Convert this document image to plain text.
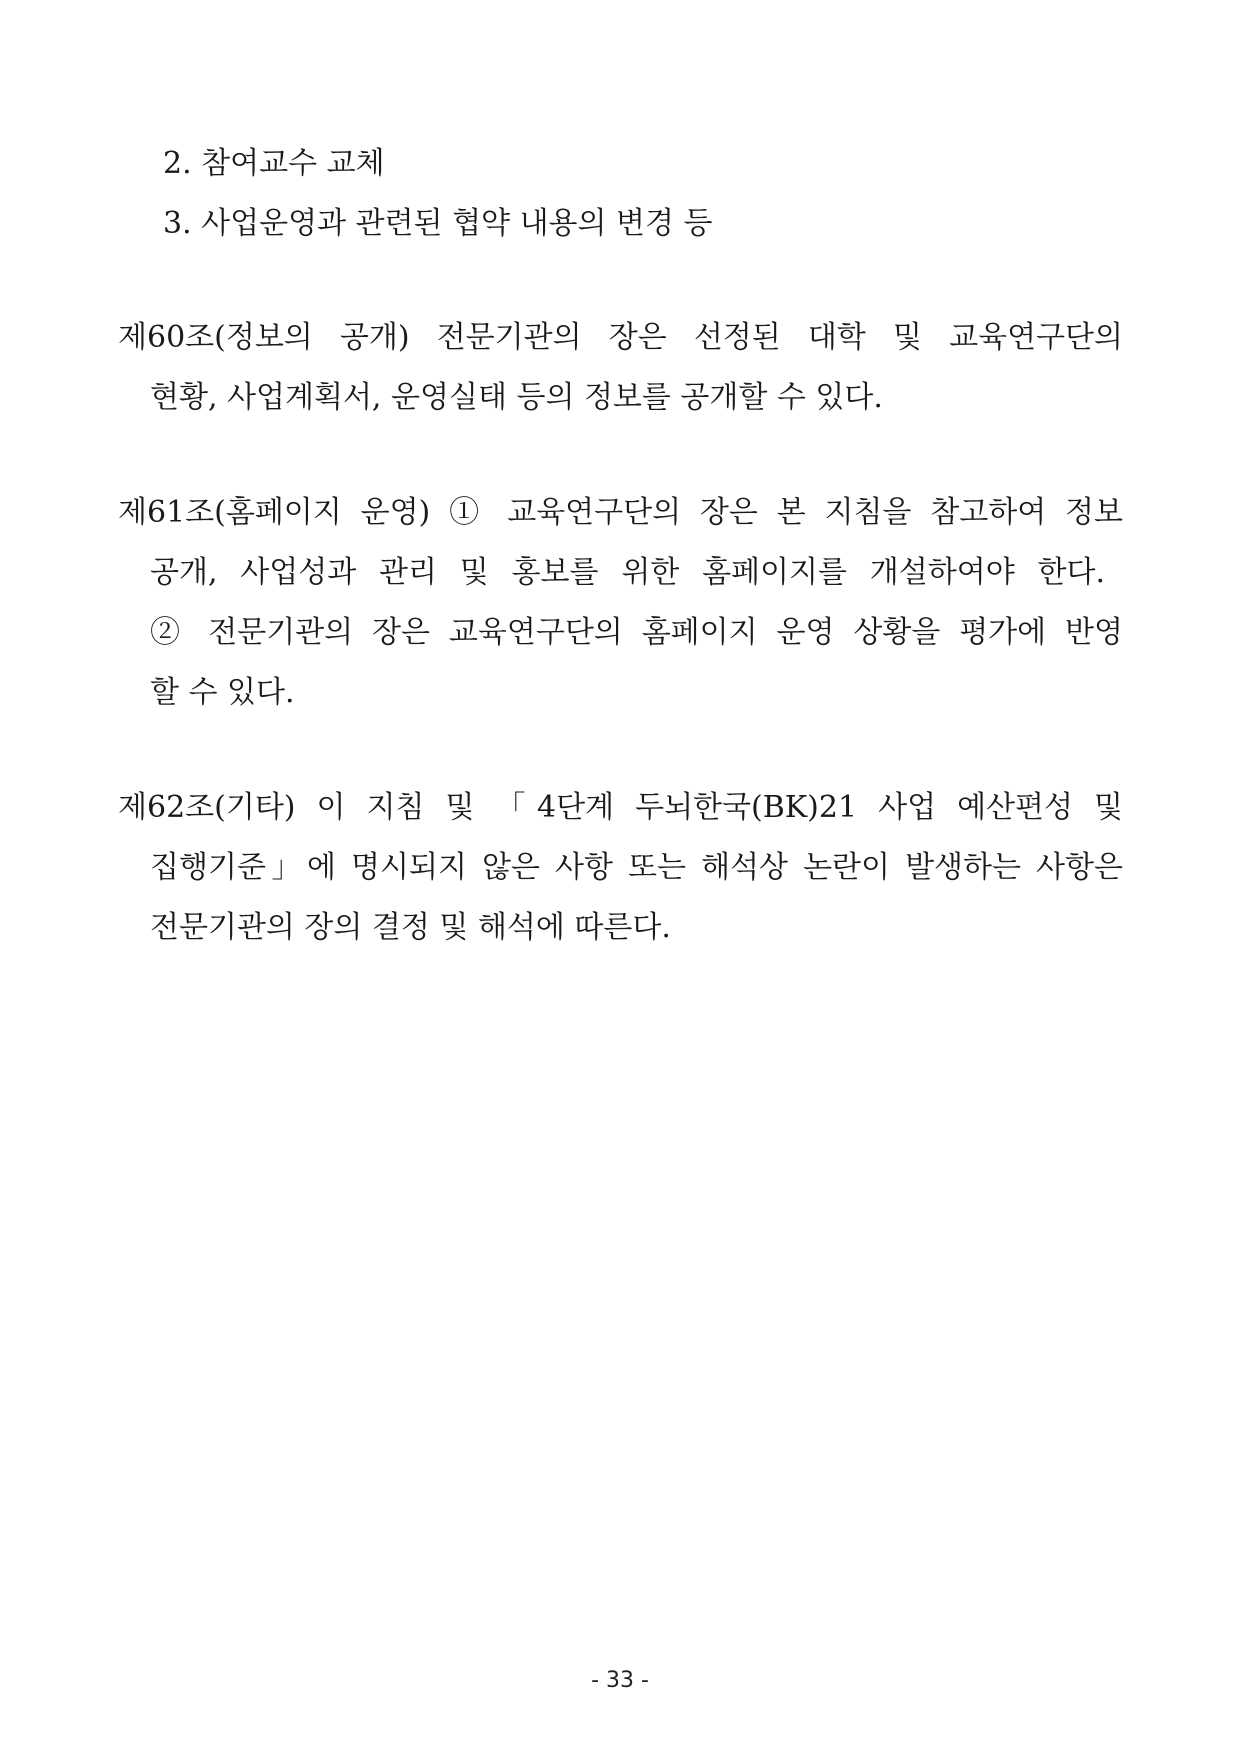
2. 참여교수 교체
3. 사업운영과 관련된 협약 내용의 변경 등
제60조(정보의 공개) 전문기관의 장은 선정된 대학 및 교육연구단의
현황, 사업계획서, 운영실태 등의 정보를 공개할 수 있다.
제61조(홈페이지 운영) ① 교육연구단의 장은 본 지침을 참고하여 정보
공개, 사업성과 관리 및 홍보를 위한 홈페이지를 개설하여야 한다.
② 전문기관의 장은 교육연구단의 홈페이지 운영 상황을 평가에 반영
할 수 있다.
제62조(기타) 이 지침 및 「4단계 두뇌한국(BK)21 사업 예산편성 및
집행기준」에 명시되지 않은 사항 또는 해석상 논란이 발생하는 사항은
전문기관의 장의 결정 및 해석에 따른다.
- 33 -
